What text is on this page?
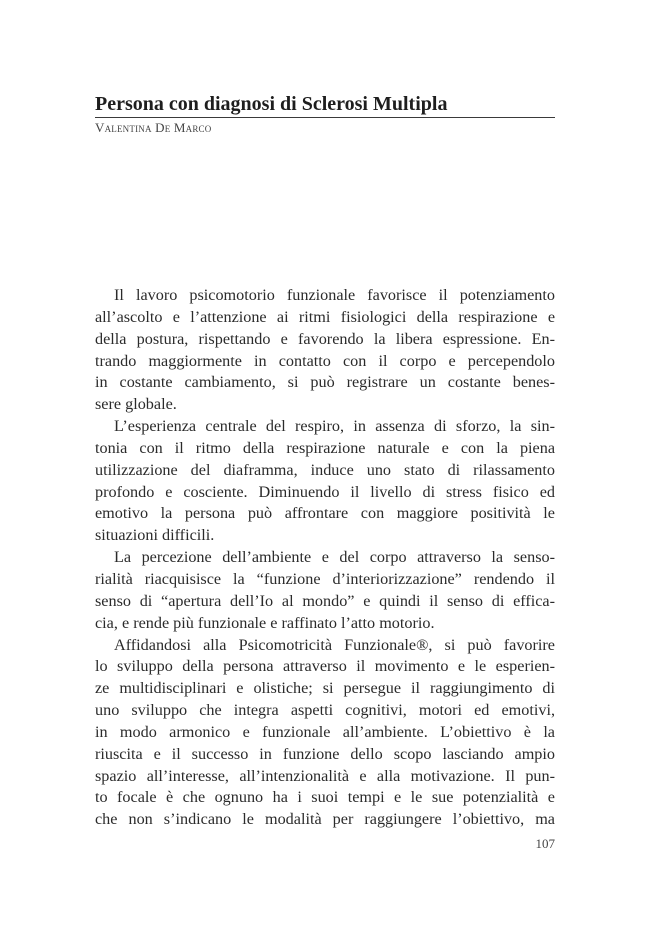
Persona con diagnosi di Sclerosi Multipla
Valentina De Marco
Il lavoro psicomotorio funzionale favorisce il potenziamento
all’ascolto e l’attenzione ai ritmi fisiologici della respirazione e
della postura, rispettando e favorendo la libera espressione. En-
trando maggiormente in contatto con il corpo e percependolo
in costante cambiamento, si può registrare un costante benes-
sere globale.
L’esperienza centrale del respiro, in assenza di sforzo, la sin-
tonia con il ritmo della respirazione naturale e con la piena
utilizzazione del diaframma, induce uno stato di rilassamento
profondo e cosciente. Diminuendo il livello di stress fisico ed
emotivo la persona può affrontare con maggiore positività le
situazioni difficili.
La percezione dell’ambiente e del corpo attraverso la senso-
rialità riacquisisce la “funzione d’interiorizzazione” rendendo il
senso di “apertura dell’Io al mondo” e quindi il senso di effica-
cia, e rende più funzionale e raffinato l’atto motorio.
Affidandosi alla Psicomotricità Funzionale®, si può favorire
lo sviluppo della persona attraverso il movimento e le esperien-
ze multidisciplinari e olistiche; si persegue il raggiungimento di
uno sviluppo che integra aspetti cognitivi, motori ed emotivi,
in modo armonico e funzionale all’ambiente. L’obiettivo è la
riuscita e il successo in funzione dello scopo lasciando ampio
spazio all’interesse, all’intenzionalità e alla motivazione. Il pun-
to focale è che ognuno ha i suoi tempi e le sue potenzialità e
che non s’indicano le modalità per raggiungere l’obiettivo, ma
107
